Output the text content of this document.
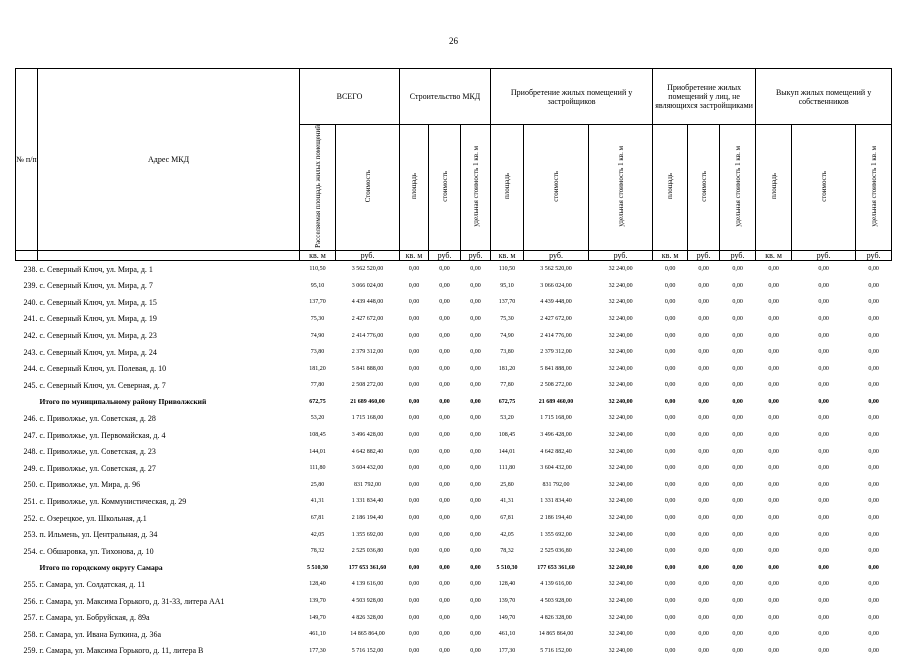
26
№ п/п	Адрес МКД	ВСЕГО		Строительство МКД			Приобретение жилых помещений у застройщиков			Приобретение жилых помещений у лиц, не являющихся застройщиками			Выкуп жилых помещений у собственников		
		Расселяемая площадь жилых помещений	Стоимость	площадь	стоимость	удельная стоимость 1 кв. м	площадь	стоимость	удельная стоимость 1 кв. м	площадь	стоимость	удельная стоимость 1 кв. м	площадь	стоимость	удельная стоимость 1 кв. м
		кв. м	руб.	кв. м	руб.	руб.	кв. м	руб.	руб.	кв. м	руб.	руб.	кв. м	руб.	руб.
238.	с. Северный Ключ, ул. Мира, д. 1	110,50	3 562 520,00	0,00	0,00	0,00	110,50	3 562 520,00	32 240,00	0,00	0,00	0,00	0,00	0,00	0,00
239.	с. Северный Ключ, ул. Мира, д. 7	95,10	3 066 024,00	0,00	0,00	0,00	95,10	3 066 024,00	32 240,00	0,00	0,00	0,00	0,00	0,00	0,00
240.	с. Северный Ключ, ул. Мира, д. 15	137,70	4 439 448,00	0,00	0,00	0,00	137,70	4 439 448,00	32 240,00	0,00	0,00	0,00	0,00	0,00	0,00
241.	с. Северный Ключ, ул. Мира, д. 19	75,30	2 427 672,00	0,00	0,00	0,00	75,30	2 427 672,00	32 240,00	0,00	0,00	0,00	0,00	0,00	0,00
242.	с. Северный Ключ, ул. Мира, д. 23	74,90	2 414 776,00	0,00	0,00	0,00	74,90	2 414 776,00	32 240,00	0,00	0,00	0,00	0,00	0,00	0,00
243.	с. Северный Ключ, ул. Мира, д. 24	73,80	2 379 312,00	0,00	0,00	0,00	73,80	2 379 312,00	32 240,00	0,00	0,00	0,00	0,00	0,00	0,00
244.	с. Северный Ключ, ул. Полевая, д. 10	181,20	5 841 888,00	0,00	0,00	0,00	181,20	5 841 888,00	32 240,00	0,00	0,00	0,00	0,00	0,00	0,00
245.	с. Северный Ключ, ул. Северная, д. 7	77,80	2 508 272,00	0,00	0,00	0,00	77,80	2 508 272,00	32 240,00	0,00	0,00	0,00	0,00	0,00	0,00
Итого по муниципальному району Приволжский		672,75	21 689 460,00	0,00	0,00	0,00	672,75	21 689 460,00	32 240,00	0,00	0,00	0,00	0,00	0,00	0,00
246.	с. Приволжье, ул. Советская, д. 28	53,20	1 715 168,00	0,00	0,00	0,00	53,20	1 715 168,00	32 240,00	0,00	0,00	0,00	0,00	0,00	0,00
247.	с. Приволжье, ул. Первомайская, д. 4	108,45	3 496 428,00	0,00	0,00	0,00	108,45	3 496 428,00	32 240,00	0,00	0,00	0,00	0,00	0,00	0,00
248.	с. Приволжье, ул. Советская, д. 23	144,01	4 642 882,40	0,00	0,00	0,00	144,01	4 642 882,40	32 240,00	0,00	0,00	0,00	0,00	0,00	0,00
249.	с. Приволжье, ул. Советская, д. 27	111,80	3 604 432,00	0,00	0,00	0,00	111,80	3 604 432,00	32 240,00	0,00	0,00	0,00	0,00	0,00	0,00
250.	с. Приволжье, ул. Мира, д. 96	25,80	831 792,00	0,00	0,00	0,00	25,80	831 792,00	32 240,00	0,00	0,00	0,00	0,00	0,00	0,00
251.	с. Приволжье, ул. Коммунистическая, д. 29	41,31	1 331 834,40	0,00	0,00	0,00	41,31	1 331 834,40	32 240,00	0,00	0,00	0,00	0,00	0,00	0,00
252.	с. Озерецкое, ул. Школьная, д.1	67,81	2 186 194,40	0,00	0,00	0,00	67,81	2 186 194,40	32 240,00	0,00	0,00	0,00	0,00	0,00	0,00
253.	п. Ильмень, ул. Центральная, д. 34	42,05	1 355 692,00	0,00	0,00	0,00	42,05	1 355 692,00	32 240,00	0,00	0,00	0,00	0,00	0,00	0,00
254.	с. Обшаровка, ул. Тихонова, д. 10	78,32	2 525 036,80	0,00	0,00	0,00	78,32	2 525 036,80	32 240,00	0,00	0,00	0,00	0,00	0,00	0,00
Итого по городскому округу Самара		5 510,30	177 653 361,60	0,00	0,00	0,00	5 510,30	177 653 361,60	32 240,00	0,00	0,00	0,00	0,00	0,00	0,00
255.	г. Самара, ул. Солдатская, д. 11	128,40	4 139 616,00	0,00	0,00	0,00	128,40	4 139 616,00	32 240,00	0,00	0,00	0,00	0,00	0,00	0,00
256.	г. Самара, ул. Максима Горького, д. 31-33, литера АА1	139,70	4 503 928,00	0,00	0,00	0,00	139,70	4 503 928,00	32 240,00	0,00	0,00	0,00	0,00	0,00	0,00
257.	г. Самара, ул. Бобруйская, д. 89а	149,70	4 826 328,00	0,00	0,00	0,00	149,70	4 826 328,00	32 240,00	0,00	0,00	0,00	0,00	0,00	0,00
258.	г. Самара, ул. Ивана Булкина, д. 36а	461,10	14 865 864,00	0,00	0,00	0,00	461,10	14 865 864,00	32 240,00	0,00	0,00	0,00	0,00	0,00	0,00
259.	г. Самара, ул. Максима Горького, д. 11, литера В	177,30	5 716 152,00	0,00	0,00	0,00	177,30	5 716 152,00	32 240,00	0,00	0,00	0,00	0,00	0,00	0,00
